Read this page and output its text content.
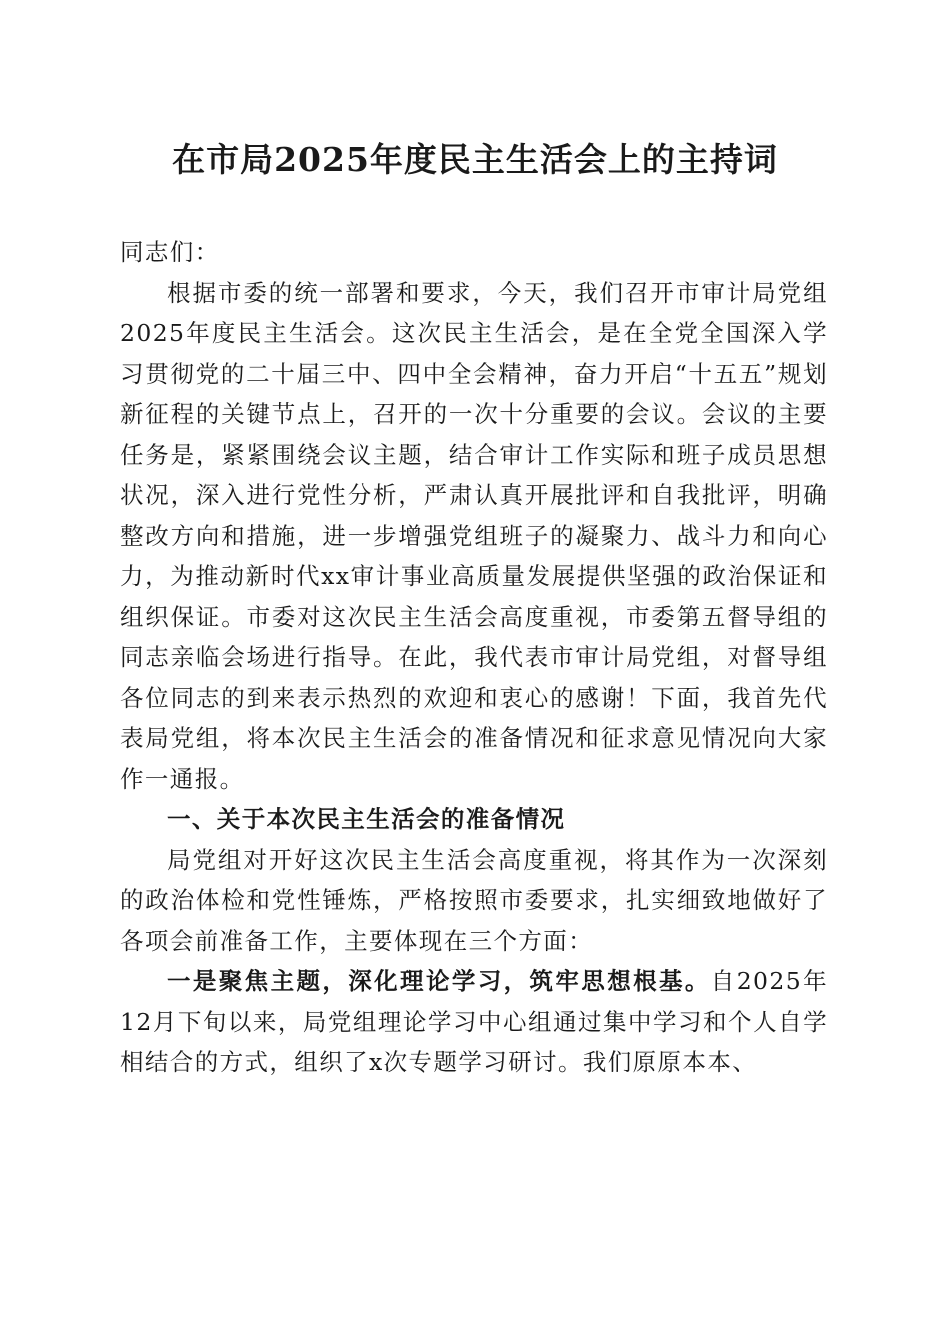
在市局2025年度民主生活会上的主持词

同志们：

根据市委的统一部署和要求，今天，我们召开市审计局党组2025年度民主生活会。这次民主生活会，是在全党全国深入学习贯彻党的二十届三中、四中全会精神，奋力开启“十五五”规划新征程的关键节点上，召开的一次十分重要的会议。会议的主要任务是，紧紧围绕会议主题，结合审计工作实际和班子成员思想状况，深入进行党性分析，严肃认真开展批评和自我批评，明确整改方向和措施，进一步增强党组班子的凝聚力、战斗力和向心力，为推动新时代xx审计事业高质量发展提供坚强的政治保证和组织保证。市委对这次民主生活会高度重视，市委第五督导组的同志亲临会场进行指导。在此，我代表市审计局党组，对督导组各位同志的到来表示热烈的欢迎和衷心的感谢！下面，我首先代表局党组，将本次民主生活会的准备情况和征求意见情况向大家作一通报。

一、关于本次民主生活会的准备情况

局党组对开好这次民主生活会高度重视，将其作为一次深刻的政治体检和党性锤炼，严格按照市委要求，扎实细致地做好了各项会前准备工作，主要体现在三个方面：

一是聚焦主题，深化理论学习，筑牢思想根基。自2025年12月下旬以来，局党组理论学习中心组通过集中学习和个人自学相结合的方式，组织了x次专题学习研讨。我们原原本本、
